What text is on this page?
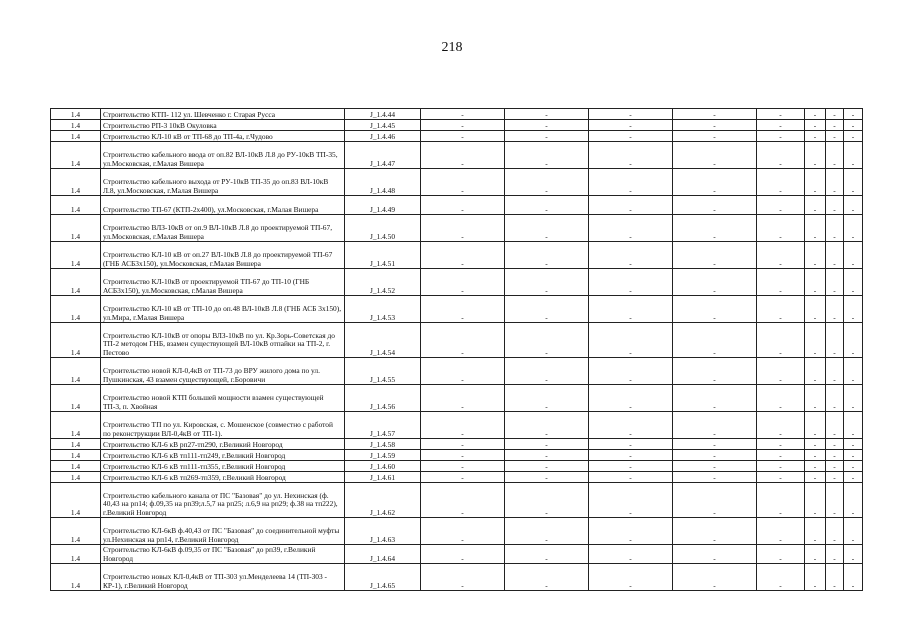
218
1.4	Строительство КТП- 112 ул. Шевченко г. Старая Русса	J_1.4.44	-	-	-	-	-	-	-	-
1.4	Строительство РП-3 10кВ Окуловка	J_1.4.45	-	-	-	-	-	-	-	-
1.4	Строительство КЛ-10 кВ от ТП-68 до ТП-4а, г.Чудово	J_1.4.46	-	-	-	-	-	-	-	-
1.4	Строительство кабельного ввода от оп.82 ВЛ-10кВ Л.8 до РУ-10кВ ТП-35, ул.Московская, г.Малая Вишера	J_1.4.47	-	-	-	-	-	-	-	-
1.4	Строительство кабельного выхода от РУ-10кВ ТП-35 до оп.83 ВЛ-10кВ Л.8, ул.Московская, г.Малая Вишера	J_1.4.48	-	-	-	-	-	-	-	-
1.4	Строительство ТП-67 (КТП-2х400), ул.Московская, г.Малая Вишера	J_1.4.49	-	-	-	-	-	-	-	-
1.4	Строительство ВЛЗ-10кВ от оп.9 ВЛ-10кВ Л.8 до проектируемой ТП-67, ул.Московская, г.Малая Вишера	J_1.4.50	-	-	-	-	-	-	-	-
1.4	Строительство КЛ-10 кВ от оп.27 ВЛ-10кВ Л.8 до проектируемой ТП-67 (ГНБ АСБ3х150), ул.Московская, г.Малая Вишера	J_1.4.51	-	-	-	-	-	-	-	-
1.4	Строительство КЛ-10кВ от проектируемой ТП-67 до ТП-10 (ГНБ АСБ3х150), ул.Московская, г.Малая Вишера	J_1.4.52	-	-	-	-	-	-	-	-
1.4	Строительство КЛ-10 кВ от ТП-10 до оп.48 ВЛ-10кВ Л.8 (ГНБ АСБ 3х150), ул.Мира, г.Малая Вишера	J_1.4.53	-	-	-	-	-	-	-	-
1.4	Строительство КЛ-10кВ от опоры ВЛЗ-10кВ по ул. Кр.Зорь-Советская до ТП-2 методом ГНБ, взамен существующей ВЛ-10кВ отпайки на ТП-2, г. Пестово	J_1.4.54	-	-	-	-	-	-	-	-
1.4	Строительство новой КЛ-0,4кВ от ТП-73 до ВРУ жилого дома по ул. Пушкинская, 43 взамен существующей, г.Боровичи	J_1.4.55	-	-	-	-	-	-	-	-
1.4	Строительство новой КТП большей мощности взамен существующей ТП-3, п. Хвойная	J_1.4.56	-	-	-	-	-	-	-	-
1.4	Строительство ТП по ул. Кировская, с. Мошенское (совместно с работой по реконструкции ВЛ-0,4кВ от ТП-1).	J_1.4.57	-	-	-	-	-	-	-	-
1.4	Строительство КЛ-6 кВ рп27-тп290, г.Великий Новгород	J_1.4.58	-	-	-	-	-	-	-	-
1.4	Строительство КЛ-6 кВ тп111-тп249, г.Великий Новгород	J_1.4.59	-	-	-	-	-	-	-	-
1.4	Строительство КЛ-6 кВ тп111-тп355, г.Великий Новгород	J_1.4.60	-	-	-	-	-	-	-	-
1.4	Строительство КЛ-6 кВ тп269-тп359, г.Великий Новгород	J_1.4.61	-	-	-	-	-	-	-	-
1.4	Строительство кабельного канала от ПС "Базовая" до ул. Нехинская (ф. 40,43 на рп14; ф.09,35 на рп39;л.5,7 на рп25; л.6,9 на рп29; ф.38 на тп222), г.Великий Новгород	J_1.4.62	-	-	-	-	-	-	-	-
1.4	Строительство КЛ-6кВ ф.40,43 от ПС "Базовая" до соединительной муфты ул.Нехинская на рп14, г.Великий Новгород	J_1.4.63	-	-	-	-	-	-	-	-
1.4	Строительство КЛ-6кВ ф.09,35 от ПС "Базовая" до рп39, г.Великий Новгород	J_1.4.64	-	-	-	-	-	-	-	-
1.4	Строительство новых КЛ-0,4кВ от ТП-303 ул.Менделеева 14 (ТП-303 - КР-1), г.Великий Новгород	J_1.4.65	-	-	-	-	-	-	-	-
